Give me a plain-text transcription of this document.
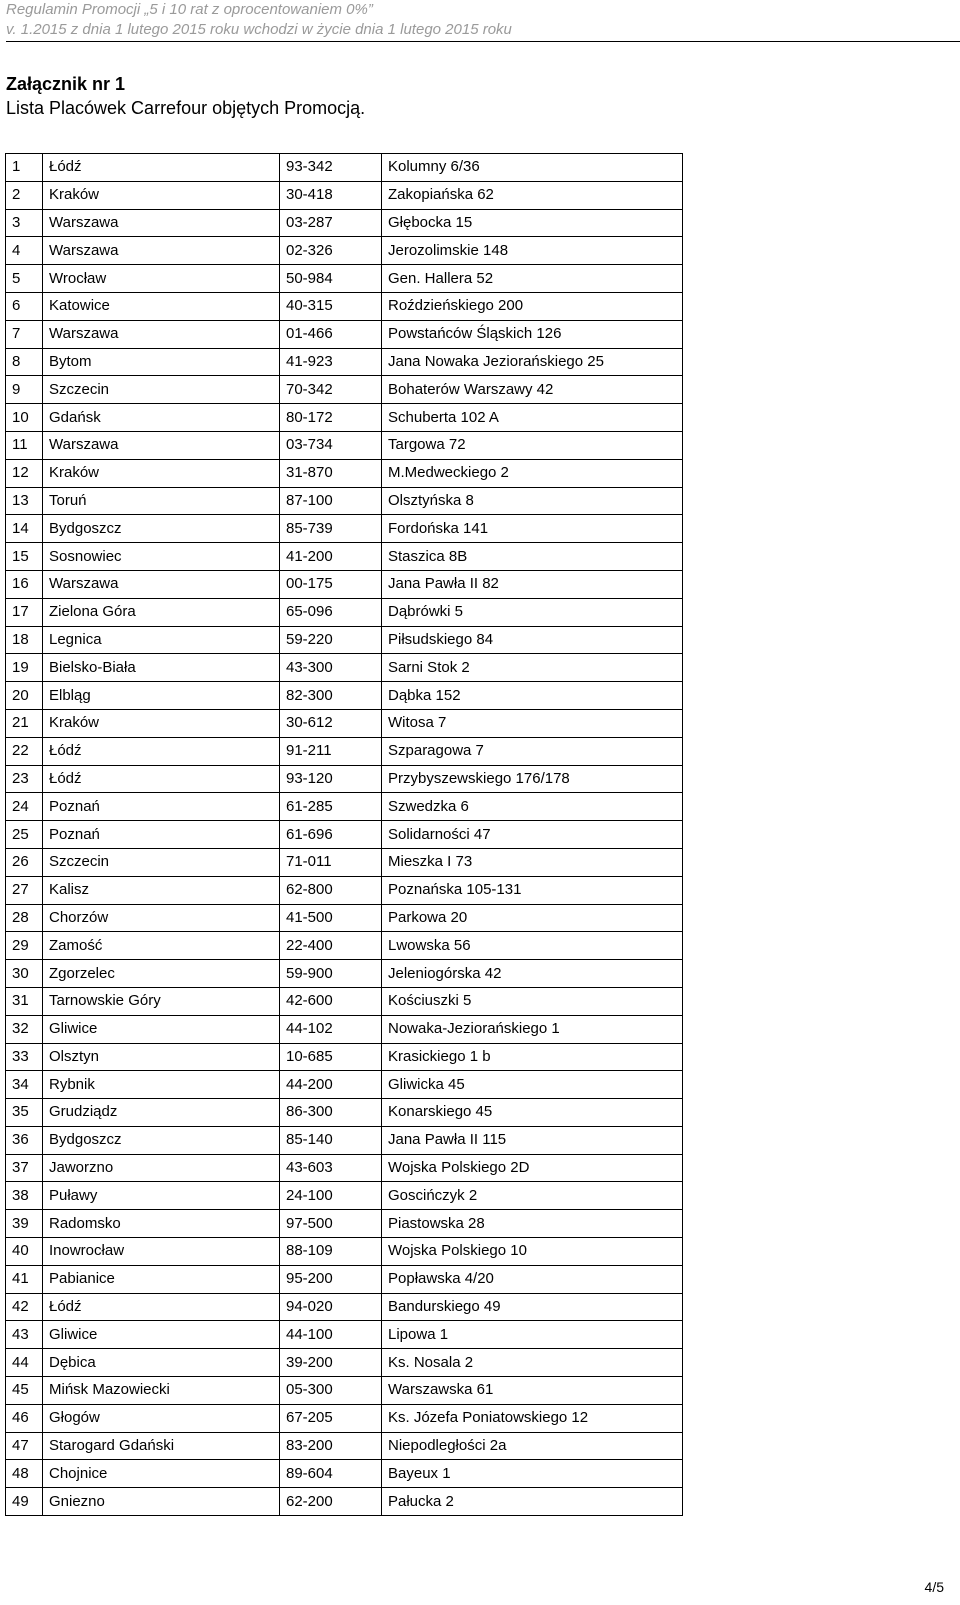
Regulamin Promocji „5 i 10 rat z oprocentowaniem 0%”
v. 1.2015 z dnia 1 lutego 2015 roku wchodzi w życie dnia 1 lutego 2015 roku
Załącznik nr 1
Lista Placówek Carrefour objętych Promocją.
1	Łódź	93-342	Kolumny 6/36
2	Kraków	30-418	Zakopiańska 62
3	Warszawa	03-287	Głębocka 15
4	Warszawa	02-326	Jerozolimskie 148
5	Wrocław	50-984	Gen. Hallera 52
6	Katowice	40-315	Roździeńskiego 200
7	Warszawa	01-466	Powstańców Śląskich 126
8	Bytom	41-923	Jana Nowaka Jeziorańskiego 25
9	Szczecin	70-342	Bohaterów Warszawy 42
10	Gdańsk	80-172	Schuberta 102 A
11	Warszawa	03-734	Targowa 72
12	Kraków	31-870	M.Medweckiego 2
13	Toruń	87-100	Olsztyńska 8
14	Bydgoszcz	85-739	Fordońska 141
15	Sosnowiec	41-200	Staszica 8B
16	Warszawa	00-175	Jana Pawła II 82
17	Zielona Góra	65-096	Dąbrówki 5
18	Legnica	59-220	Piłsudskiego 84
19	Bielsko-Biała	43-300	Sarni Stok 2
20	Elbląg	82-300	Dąbka 152
21	Kraków	30-612	Witosa 7
22	Łódź	91-211	Szparagowa 7
23	Łódź	93-120	Przybyszewskiego 176/178
24	Poznań	61-285	Szwedzka 6
25	Poznań	61-696	Solidarności 47
26	Szczecin	71-011	Mieszka I 73
27	Kalisz	62-800	Poznańska 105-131
28	Chorzów	41-500	Parkowa 20
29	Zamość	22-400	Lwowska 56
30	Zgorzelec	59-900	Jeleniogórska 42
31	Tarnowskie Góry	42-600	Kościuszki 5
32	Gliwice	44-102	Nowaka-Jeziorańskiego 1
33	Olsztyn	10-685	Krasickiego 1 b
34	Rybnik	44-200	Gliwicka 45
35	Grudziądz	86-300	Konarskiego 45
36	Bydgoszcz	85-140	Jana Pawła II 115
37	Jaworzno	43-603	Wojska Polskiego 2D
38	Puławy	24-100	Goscińczyk 2
39	Radomsko	97-500	Piastowska 28
40	Inowrocław	88-109	Wojska Polskiego 10
41	Pabianice	95-200	Popławska 4/20
42	Łódź	94-020	Bandurskiego 49
43	Gliwice	44-100	Lipowa 1
44	Dębica	39-200	Ks. Nosala 2
45	Mińsk Mazowiecki	05-300	Warszawska 61
46	Głogów	67-205	Ks. Józefa Poniatowskiego 12
47	Starogard Gdański	83-200	Niepodległości 2a
48	Chojnice	89-604	Bayeux 1
49	Gniezno	62-200	Pałucka 2
4/5
